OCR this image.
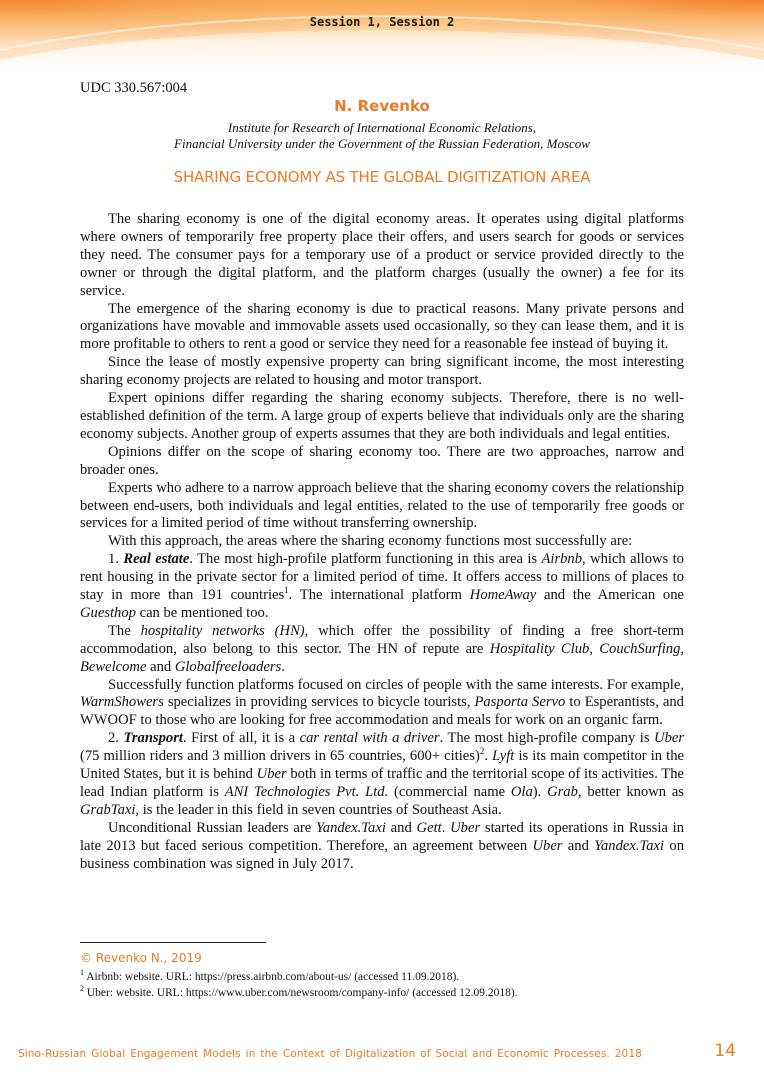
Session 1, Session 2
UDC 330.567:004
N. Revenko
Institute for Research of International Economic Relations,
Financial University under the Government of the Russian Federation, Moscow
SHARING ECONOMY AS THE GLOBAL DIGITIZATION AREA

The sharing economy is one of the digital economy areas. It operates using digital platforms where owners of temporarily free property place their offers, and users search for goods or services they need. The consumer pays for a temporary use of a product or service provided directly to the owner or through the digital platform, and the platform charges (usually the owner) a fee for its service.

The emergence of the sharing economy is due to practical reasons. Many private persons and organizations have movable and immovable assets used occasionally, so they can lease them, and it is more profitable to others to rent a good or service they need for a reasonable fee instead of buying it.

Since the lease of mostly expensive property can bring significant income, the most interesting sharing economy projects are related to housing and motor transport.

Expert opinions differ regarding the sharing economy subjects. Therefore, there is no well-established definition of the term. A large group of experts believe that individuals only are the sharing economy subjects. Another group of experts assumes that they are both individuals and legal entities.

Opinions differ on the scope of sharing economy too. There are two approaches, narrow and broader ones.

Experts who adhere to a narrow approach believe that the sharing economy covers the relationship between end-users, both individuals and legal entities, related to the use of temporarily free goods or services for a limited period of time without transferring ownership.

With this approach, the areas where the sharing economy functions most successfully are:

1. Real estate. The most high-profile platform functioning in this area is Airbnb, which allows to rent housing in the private sector for a limited period of time. It offers access to millions of places to stay in more than 191 countries$^1$. The international platform HomeAway and the American one Guesthop can be mentioned too.

The hospitality networks (HN), which offer the possibility of finding a free short-term accommodation, also belong to this sector. The HN of repute are Hospitality Club, CouchSurfing, Bewelcome and Globalfreeloaders.

Successfully function platforms focused on circles of people with the same interests. For example, WarmShowers specializes in providing services to bicycle tourists, Pasporta Servo to Esperantists, and WWOOF to those who are looking for free accommodation and meals for work on an organic farm.

2. Transport. First of all, it is a car rental with a driver. The most high-profile company is Uber (75 million riders and 3 million drivers in 65 countries, 600+ cities)$^2$. Lyft is its main competitor in the United States, but it is behind Uber both in terms of traffic and the territorial scope of its activities. The lead Indian platform is ANI Technologies Pvt. Ltd. (commercial name Ola). Grab, better known as GrabTaxi, is the leader in this field in seven countries of Southeast Asia.

Unconditional Russian leaders are Yandex.Taxi and Gett. Uber started its operations in Russia in late 2013 but faced serious competition. Therefore, an agreement between Uber and Yandex.Taxi on business combination was signed in July 2017.

© Revenko N., 2019
$^1$ Airbnb: website. URL: https://press.airbnb.com/about-us/ (accessed 11.09.2018).
$^2$ Uber: website. URL: https://www.uber.com/newsroom/company-info/ (accessed 12.09.2018).
Sino-Russian Global Engagement Models in the Context of Digitalization of Social and Economic Processes. 2018	14
